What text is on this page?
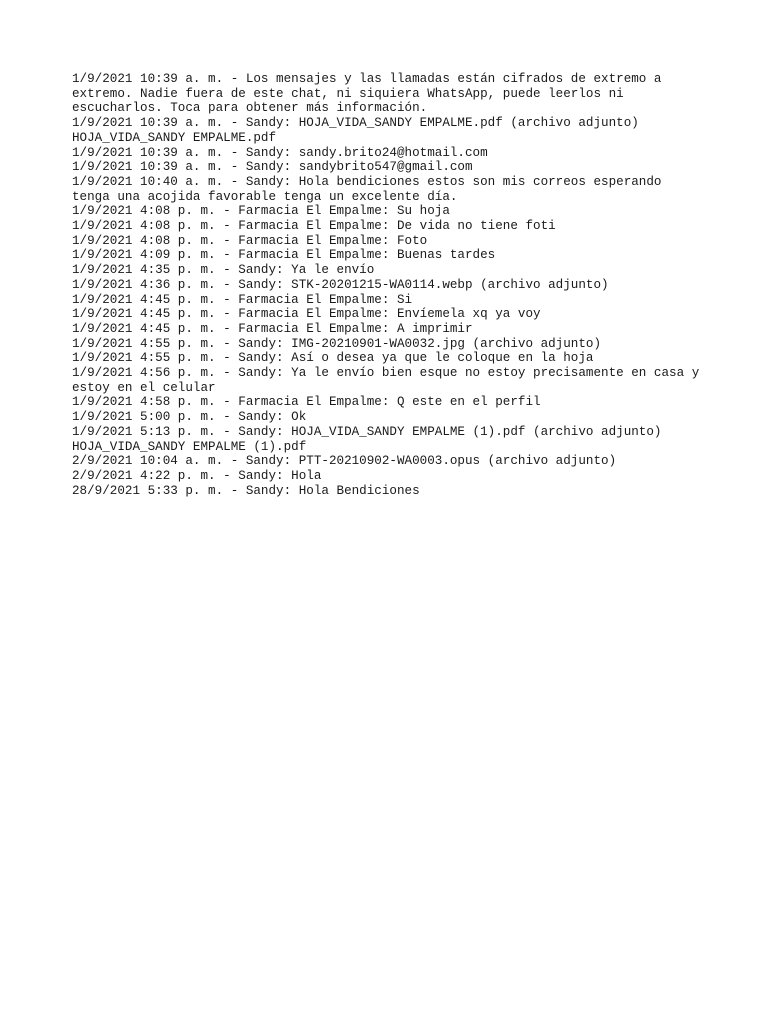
1/9/2021 10:39 a. m. - Los mensajes y las llamadas están cifrados de extremo a
extremo. Nadie fuera de este chat, ni siquiera WhatsApp, puede leerlos ni
escucharlos. Toca para obtener más información.
1/9/2021 10:39 a. m. - Sandy: HOJA_VIDA_SANDY EMPALME.pdf (archivo adjunto)
HOJA_VIDA_SANDY EMPALME.pdf
1/9/2021 10:39 a. m. - Sandy: sandy.brito24@hotmail.com
1/9/2021 10:39 a. m. - Sandy: sandybrito547@gmail.com
1/9/2021 10:40 a. m. - Sandy: Hola bendiciones estos son mis correos esperando
tenga una acojida favorable tenga un excelente día.
1/9/2021 4:08 p. m. - Farmacia El Empalme: Su hoja
1/9/2021 4:08 p. m. - Farmacia El Empalme: De vida no tiene foti
1/9/2021 4:08 p. m. - Farmacia El Empalme: Foto
1/9/2021 4:09 p. m. - Farmacia El Empalme: Buenas tardes
1/9/2021 4:35 p. m. - Sandy: Ya le envío
1/9/2021 4:36 p. m. - Sandy: STK-20201215-WA0114.webp (archivo adjunto)
1/9/2021 4:45 p. m. - Farmacia El Empalme: Si
1/9/2021 4:45 p. m. - Farmacia El Empalme: Envíemela xq ya voy
1/9/2021 4:45 p. m. - Farmacia El Empalme: A imprimir
1/9/2021 4:55 p. m. - Sandy: IMG-20210901-WA0032.jpg (archivo adjunto)
1/9/2021 4:55 p. m. - Sandy: Así o desea ya que le coloque en la hoja
1/9/2021 4:56 p. m. - Sandy: Ya le envío bien esque no estoy precisamente en casa y
estoy en el celular
1/9/2021 4:58 p. m. - Farmacia El Empalme: Q este en el perfil
1/9/2021 5:00 p. m. - Sandy: Ok
1/9/2021 5:13 p. m. - Sandy: HOJA_VIDA_SANDY EMPALME (1).pdf (archivo adjunto)
HOJA_VIDA_SANDY EMPALME (1).pdf
2/9/2021 10:04 a. m. - Sandy: PTT-20210902-WA0003.opus (archivo adjunto)
2/9/2021 4:22 p. m. - Sandy: Hola
28/9/2021 5:33 p. m. - Sandy: Hola Bendiciones
